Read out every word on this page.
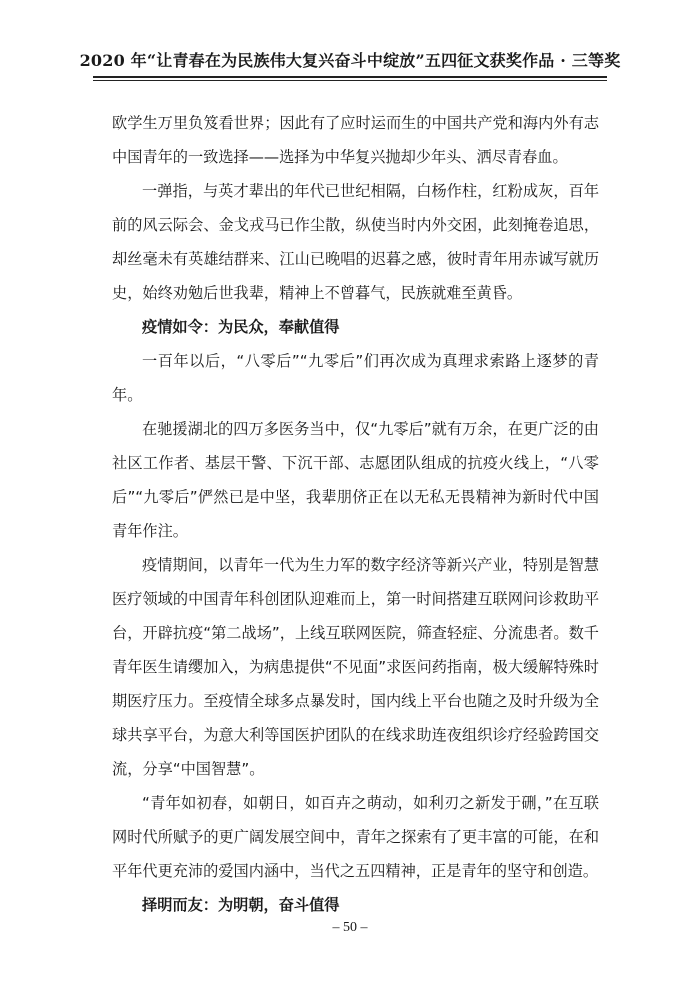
2020 年“让青春在为民族伟大复兴奋斗中绽放”五四征文获奖作品 · 三等奖

欧学生万里负笈看世界；因此有了应时运而生的中国共产党和海内外有志中国青年的一致选择——选择为中华复兴抛却少年头、洒尽青春血。

一弹指，与英才辈出的年代已世纪相隔，白杨作柱，红粉成灰，百年前的风云际会、金戈戎马已作尘散，纵使当时内外交困，此刻掩卷追思，却丝毫未有英雄结群来、江山已晚唱的迟暮之感，彼时青年用赤诚写就历史，始终劝勉后世我辈，精神上不曾暮气，民族就难至黄昏。

疫情如令：为民众，奉献值得

一百年以后，“八零后”“九零后”们再次成为真理求索路上逐梦的青年。

在驰援湖北的四万多医务当中，仅“九零后”就有万余，在更广泛的由社区工作者、基层干警、下沉干部、志愿团队组成的抗疫火线上，“八零后”“九零后”俨然已是中坚，我辈朋侪正在以无私无畏精神为新时代中国青年作注。

疫情期间，以青年一代为生力军的数字经济等新兴产业，特别是智慧医疗领域的中国青年科创团队迎难而上，第一时间搭建互联网问诊救助平台，开辟抗疫“第二战场”，上线互联网医院，筛查轻症、分流患者。数千青年医生请缨加入，为病患提供“不见面”求医问药指南，极大缓解特殊时期医疗压力。至疫情全球多点暴发时，国内线上平台也随之及时升级为全球共享平台，为意大利等国医护团队的在线求助连夜组织诊疗经验跨国交流，分享“中国智慧”。

“青年如初春，如朝日，如百卉之萌动，如利刃之新发于硎，”在互联网时代所赋予的更广阔发展空间中，青年之探索有了更丰富的可能，在和平年代更充沛的爱国内涵中，当代之五四精神，正是青年的坚守和创造。

择明而友：为明朝，奋斗值得

– 50 –
